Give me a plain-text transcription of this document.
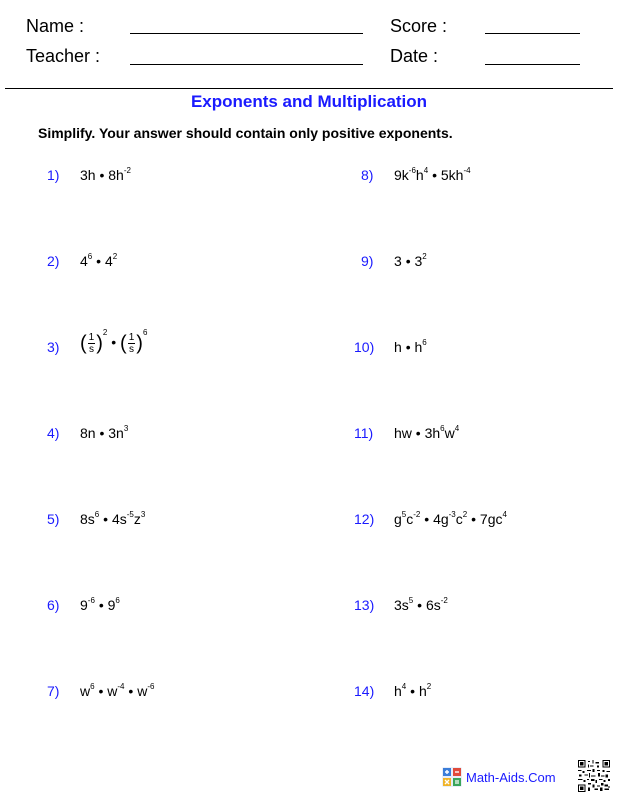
Name :	Score :
Teacher :	Date :
Exponents and Multiplication
Simplify. Your answer should contain only positive exponents.
1) 3h • $8h^{-2}$
2) $4^6$ • $4^2$
3) ( $\frac{1}{s} )^2$ • ( $\frac{1}{s} )^6$
4) 8n • $3n^3$
5) $8s^6$ • $4s^{-5}z^3$
6) $9^{-6}$ • $9^6$
7) $w^6$ • $w^{-4}$ • $w^{-6}$
8) $9k^{-6}h^4$ • $5kh^{-4}$
9) 3 • $3^2$
10) h • $h^6$
11) hw • $3h^6w^4$
12) $g^5c^{-2}$ • $4g^{-3}c^2$ • $7gc^4$
13) $3s^5$ • $6s^{-2}$
14) $h^4$ • $h^2$
Math-Aids.Com
